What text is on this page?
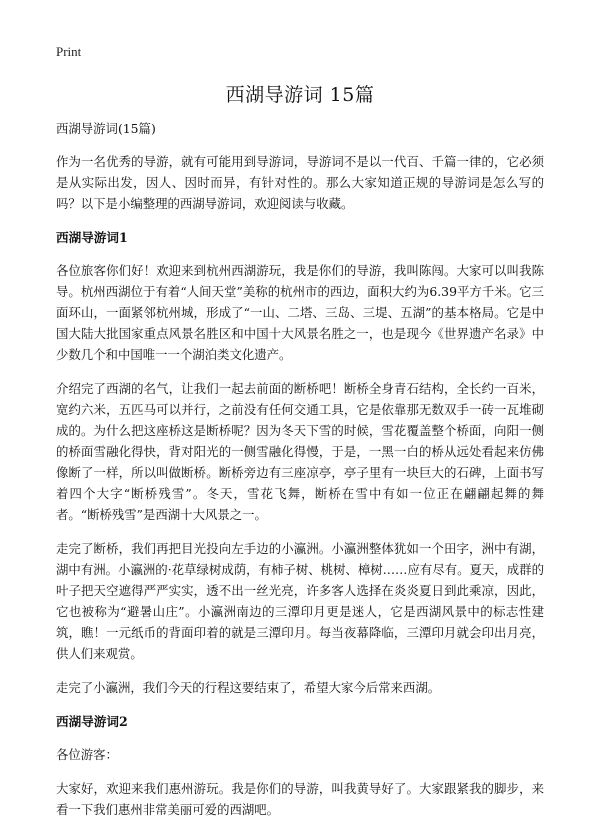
Print
西湖导游词 15篇

西湖导游词(15篇)

作为一名优秀的导游，就有可能用到导游词，导游词不是以一代百、千篇一律的，它必须是从实际出发，因人、因时而异，有针对性的。那么大家知道正规的导游词是怎么写的吗？以下是小编整理的西湖导游词，欢迎阅读与收藏。

西湖导游词1

各位旅客你们好！欢迎来到杭州西湖游玩，我是你们的导游，我叫陈闯。大家可以叫我陈导。杭州西湖位于有着“人间天堂”美称的杭州市的西边，面积大约为6.39平方千米。它三面环山，一面紧邻杭州城，形成了“一山、二塔、三岛、三堤、五湖”的基本格局。它是中国大陆大批国家重点风景名胜区和中国十大风景名胜之一，也是现今《世界遗产名录》中少数几个和中国唯一一个湖泊类文化遗产。

介绍完了西湖的名气，让我们一起去前面的断桥吧！断桥全身青石结构，全长约一百米，宽约六米，五匹马可以并行，之前没有任何交通工具，它是依靠那无数双手一砖一瓦堆砌成的。为什么把这座桥这是断桥呢？因为冬天下雪的时候，雪花覆盖整个桥面，向阳一侧的桥面雪融化得快，背对阳光的一侧雪融化得慢，于是，一黑一白的桥从远处看起来仿佛像断了一样，所以叫做断桥。断桥旁边有三座凉亭，亭子里有一块巨大的石碑，上面书写着四个大字“断桥残雪”。冬天，雪花飞舞，断桥在雪中有如一位正在翩翩起舞的舞者。“断桥残雪”是西湖十大风景之一。

走完了断桥，我们再把目光投向左手边的小瀛洲。小瀛洲整体犹如一个田字，洲中有湖，湖中有洲。小瀛洲的·花草绿树成荫，有柿子树、桃树、樟树……应有尽有。夏天，成群的叶子把天空遮得严严实实，透不出一丝光亮，许多客人选择在炎炎夏日到此乘凉，因此，它也被称为“避暑山庄”。小瀛洲南边的三潭印月更是迷人，它是西湖风景中的标志性建筑，瞧！一元纸币的背面印着的就是三潭印月。每当夜幕降临，三潭印月就会印出月亮，供人们来观赏。

走完了小瀛洲，我们今天的行程这要结束了，希望大家今后常来西湖。

西湖导游词2

各位游客：

大家好，欢迎来我们惠州游玩。我是你们的导游，叫我黄导好了。大家跟紧我的脚步，来看一下我们惠州非常美丽可爱的西湖吧。
